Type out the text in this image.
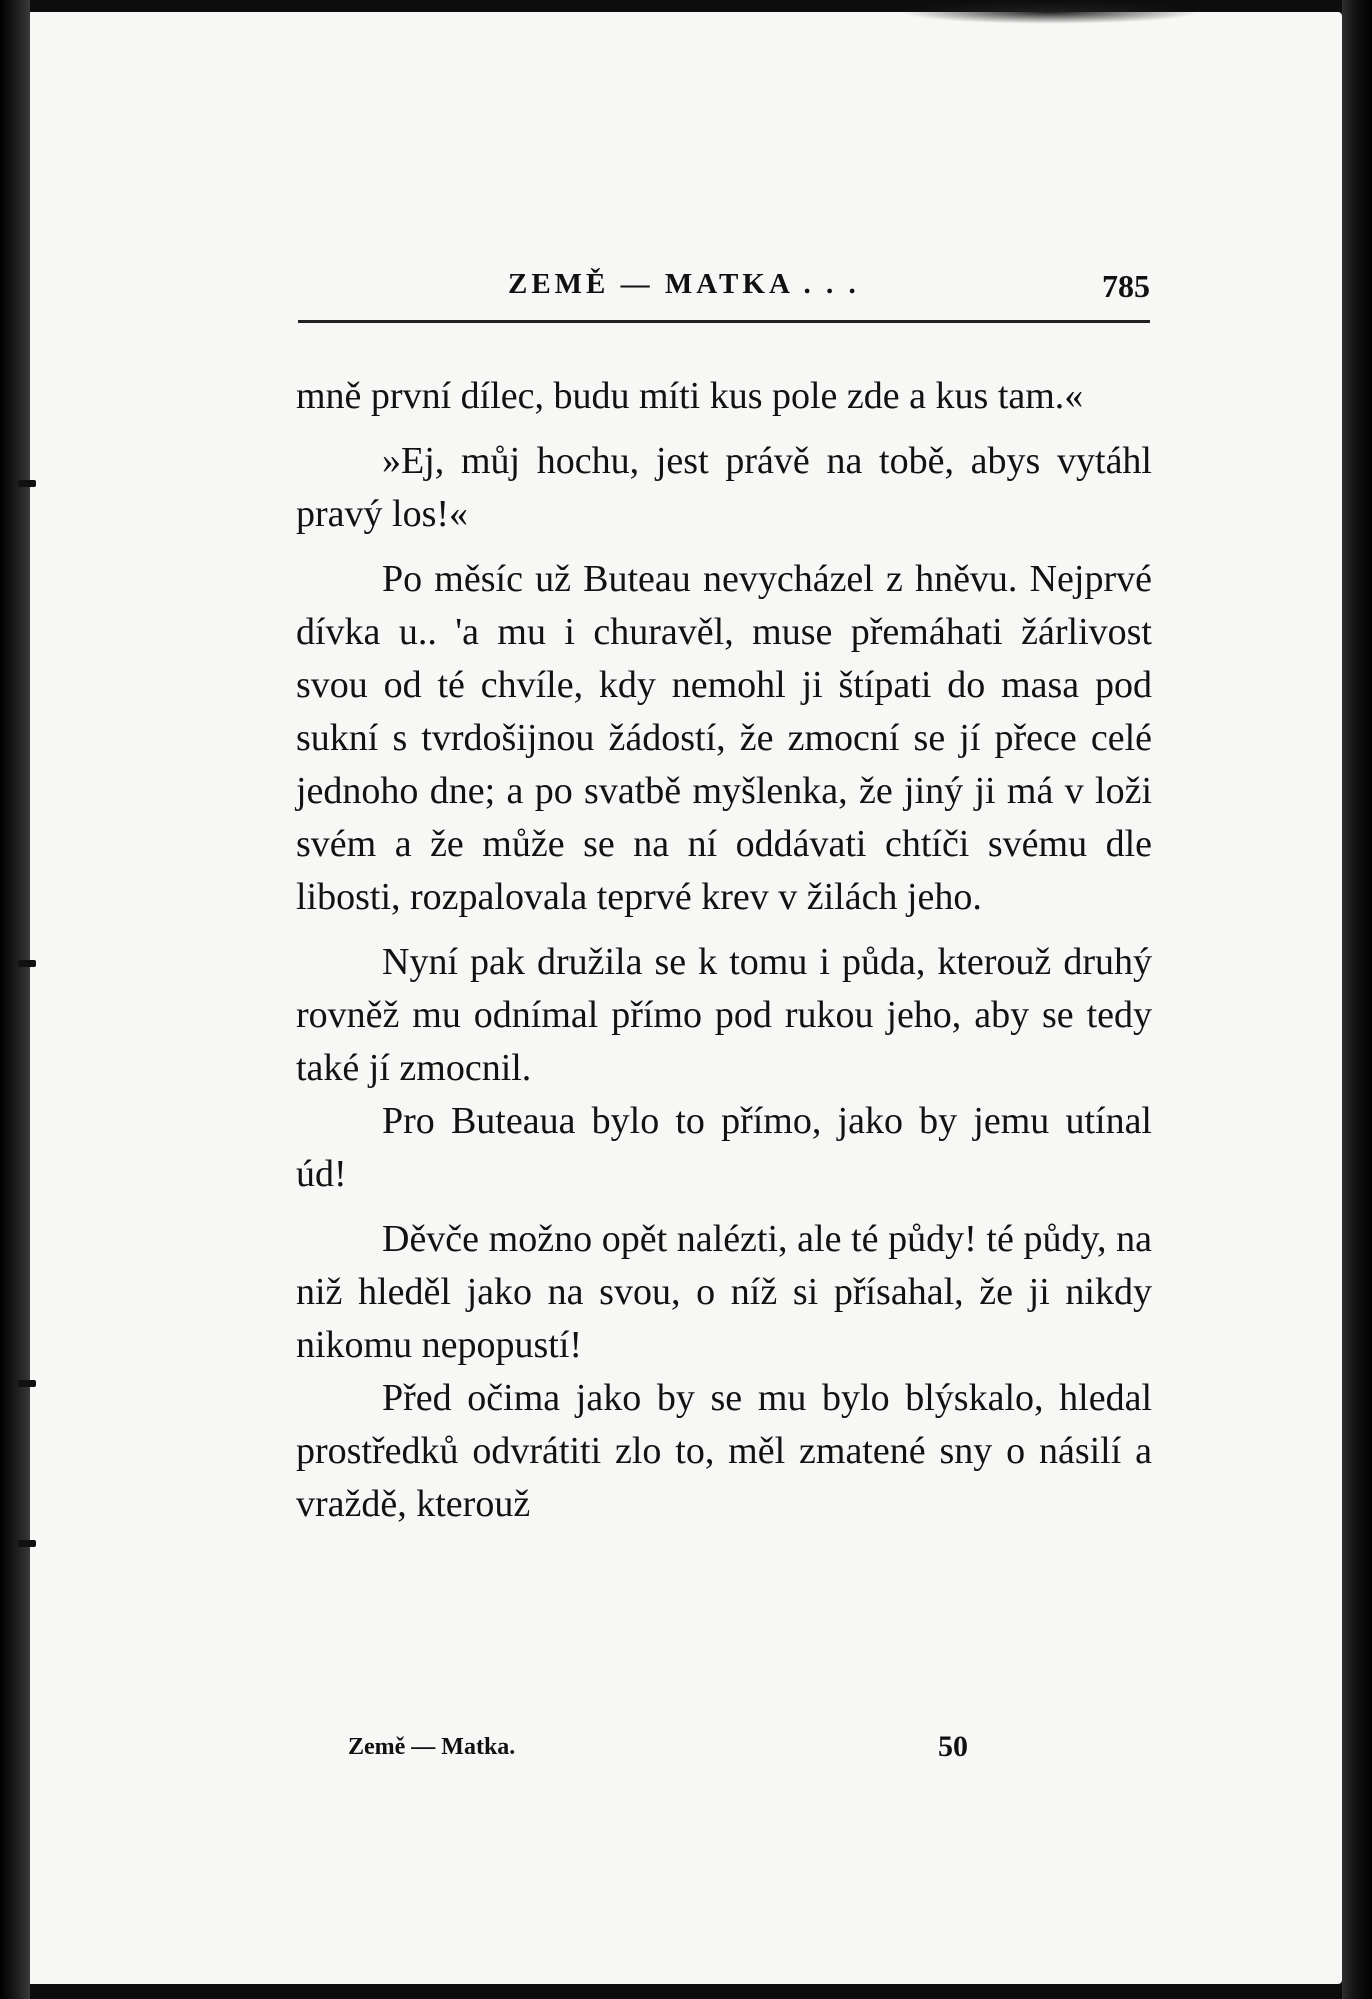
ZEMĚ — MATKA . . .	785

mně první dílec, budu míti kus pole zde a kus tam.«

»Ej, můj hochu, jest právě na tobě, abys vytáhl pravý los!«

Po měsíc už Buteau nevycházel z hněvu. Nejprvé dívka u.. 'a mu i churavěl, muse přemáhati žárlivost svou od té chvíle, kdy nemohl ji štípati do masa pod sukní s tvrdošijnou žádostí, že zmocní se jí přece celé jednoho dne; a po svatbě myšlenka, že jiný ji má v loži svém a že může se na ní oddávati chtíči svému dle libosti, rozpalovala teprvé krev v žilách jeho.

Nyní pak družila se k tomu i půda, kterouž druhý rovněž mu odnímal přímo pod rukou jeho, aby se tedy také jí zmocnil.

Pro Buteaua bylo to přímo, jako by jemu utínal úd!

Děvče možno opět nalézti, ale té půdy! té půdy, na niž hleděl jako na svou, o níž si přísahal, že ji nikdy nikomu nepopustí!

Před očima jako by se mu bylo blýskalo, hledal prostředků odvrátiti zlo to, měl zmatené sny o násilí a vraždě, kterouž

Země — Matka.	50
